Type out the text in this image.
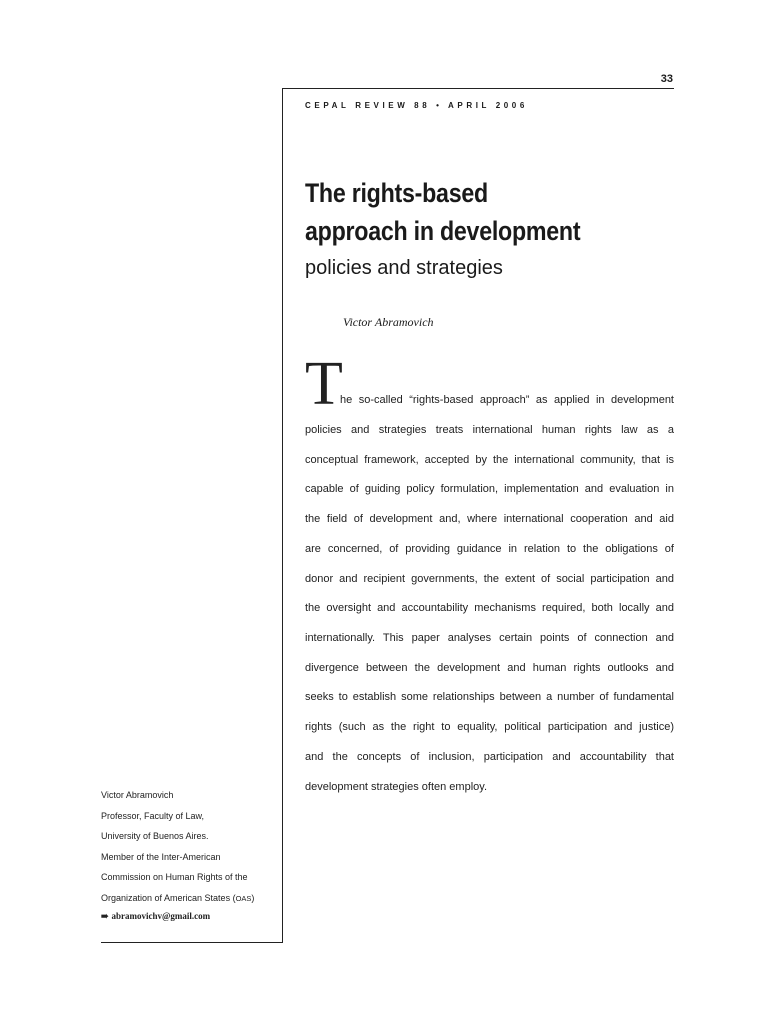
33
CEPAL REVIEW 88 • APRIL 2006
The rights-based
approach in development
policies and strategies
Victor Abramovich
T
he so-called “rights-based approach” as applied in development
policies and strategies treats international human rights law as a
conceptual framework, accepted by the international community, that is
capable of guiding policy formulation, implementation and evaluation in
the field of development and, where international cooperation and aid
are concerned, of providing guidance in relation to the obligations of
donor and recipient governments, the extent of social participation and
the oversight and accountability mechanisms required, both locally and
internationally. This paper analyses certain points of connection and
divergence between the development and human rights outlooks and
seeks to establish some relationships between a number of fundamental
rights (such as the right to equality, political participation and justice)
and the concepts of inclusion, participation and accountability that
development strategies often employ.
Victor Abramovich
Professor, Faculty of Law,
University of Buenos Aires.
Member of the Inter-American
Commission on Human Rights of the
Organization of American States (OAS)
➠ abramovichv@gmail.com
